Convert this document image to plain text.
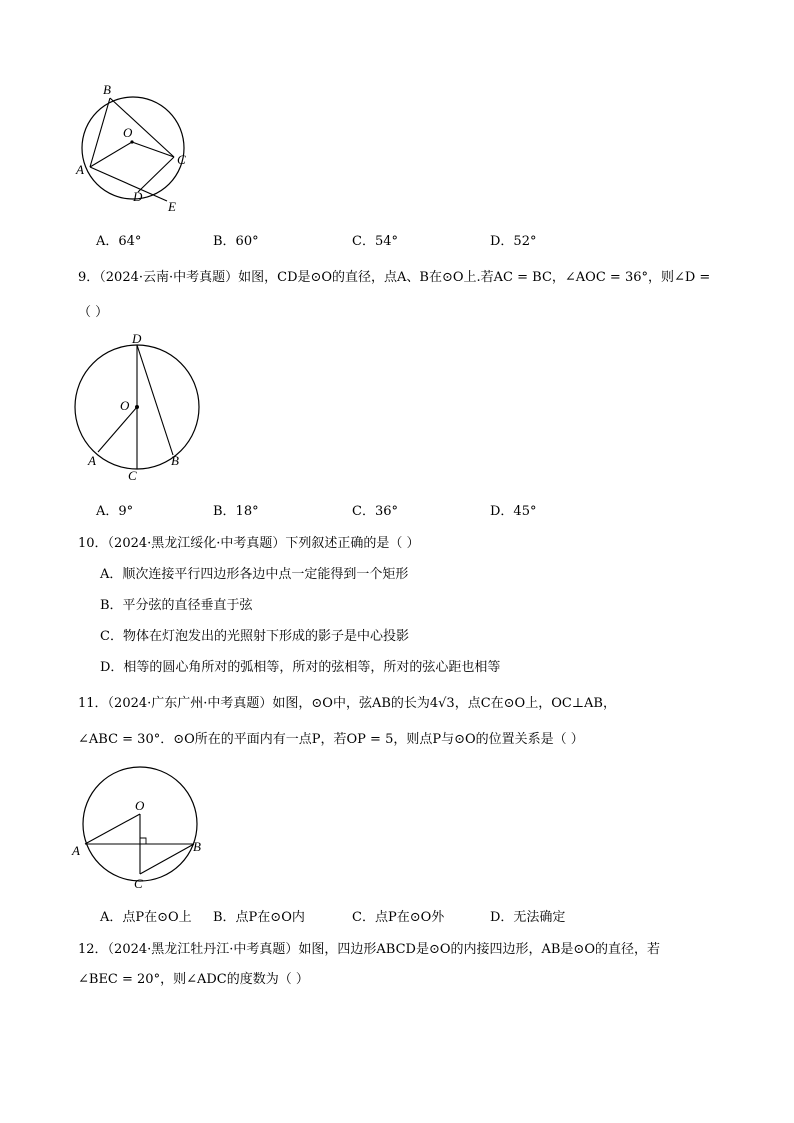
B
O
C
A
D
E
A．64°	B．60°	C．54°	D．52°
9．（2024·云南·中考真题）如图，CD是⊙O的直径，点A、B在⊙O上.若AC = BC，∠AOC = 36°，则∠D =
（ ）
D
O
A
C
B
A．9°	B．18°	C．36°	D．45°
10．（2024·黑龙江绥化·中考真题）下列叙述正确的是（ ）
A．顺次连接平行四边形各边中点一定能得到一个矩形
B．平分弦的直径垂直于弦
C．物体在灯泡发出的光照射下形成的影子是中心投影
D．相等的圆心角所对的弧相等，所对的弦相等，所对的弦心距也相等
11．（2024·广东广州·中考真题）如图，⊙O中，弦AB的长为4√3，点C在⊙O上，OC⊥AB，
∠ABC = 30°．⊙O所在的平面内有一点P，若OP = 5，则点P与⊙O的位置关系是（ ）
O
A	B
C
A．点P在⊙O上 B．点P在⊙O内	C．点P在⊙O外	D．无法确定
12．（2024·黑龙江牡丹江·中考真题）如图，四边形ABCD是⊙O的内接四边形，AB是⊙O的直径，若
∠BEC = 20°，则∠ADC的度数为（ ）
